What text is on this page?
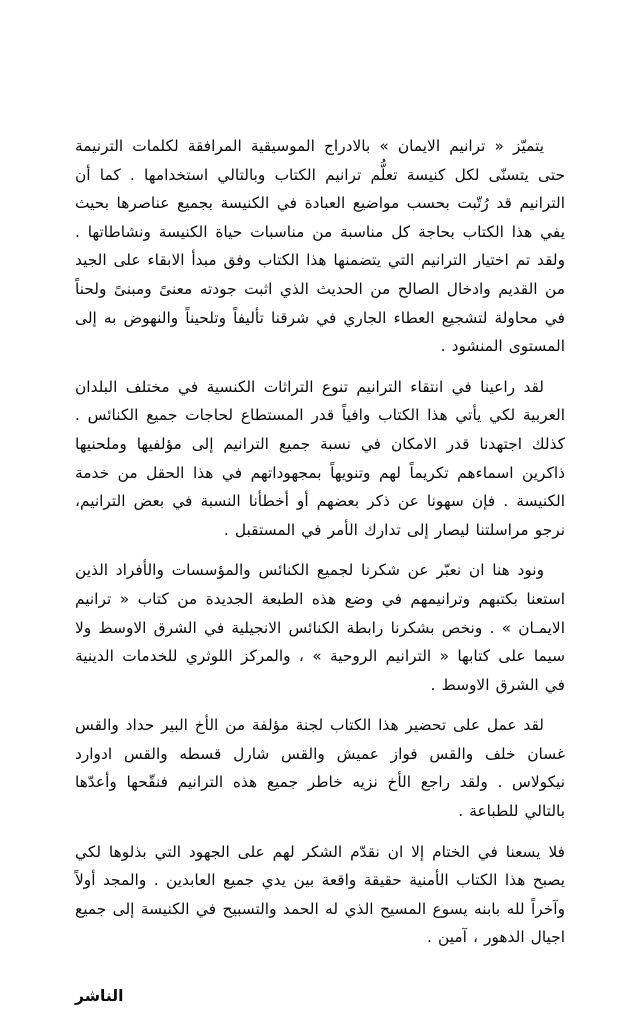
يتميّز « ترانيم الايمان » بالادراج الموسيقية المرافقة لكلمات الترنيمة حتى يتسنّى لكل كنيسة تعلُّم ترانيم الكتاب وبالتالي استخدامها . كما أن الترانيم قد رُتّبت بحسب مواضيع العبادة في الكنيسة بجميع عناصرها بحيث يفي هذا الكتاب بحاجة كل مناسبة من مناسبات حياة الكنيسة ونشاطاتها . ولقد تم اختيار الترانيم التي يتضمنها هذا الكتاب وفق مبدأ الابقاء على الجيد من القديم وادخال الصالح من الحديث الذي اثبت جودته معنىً ومبنىً ولحناً في محاولة لتشجيع العطاء الجاري في شرقنا تأليفاً وتلحيناً والنهوض به إلى المستوى المنشود .

لقد راعينا في انتقاء الترانيم تنوع التراثات الكنسية في مختلف البلدان العربية لكي يأتي هذا الكتاب وافياً قدر المستطاع لحاجات جميع الكنائس . كذلك اجتهدنا قدر الامكان في نسبة جميع الترانيم إلى مؤلفيها وملحنيها ذاكرين اسماءهم تكريماً لهم وتنويهاً بمجهوداتهم في هذا الحقل من خدمة الكنيسة . فإن سهونا عن ذكر بعضهم أو أخطأنا النسبة في بعض الترانيم، نرجو مراسلتنا ليصار إلى تدارك الأمر في المستقبل .

ونود هنا ان نعبّر عن شكرنا لجميع الكنائس والمؤسسات والأفراد الذين استعنا بكتبهم وترانيمهم في وضع هذه الطبعة الجديدة من كتاب « ترانيم الايمـان » . ونخص بشكرنا رابطة الكنائس الانجيلية في الشرق الاوسط ولا سيما على كتابها « الترانيم الروحية » ، والمركز اللوثري للخدمات الدينية في الشرق الاوسط .

لقد عمل على تحضير هذا الكتاب لجنة مؤلفة من الأخ البير حداد والقس غسان خلف والقس فواز عميش والقس شارل قسطه والقس ادوارد نيكولاس . ولقد راجع الأخ نزيه خاطر جميع هذه الترانيم فنقّحها وأعدّها بالتالي للطباعة .

فلا يسعنا في الختام إلا ان نقدّم الشكر لهم على الجهود التي بذلوها لكي يصبح هذا الكتاب الأمنية حقيقة واقعة بين يدي جميع العابدين . والمجد أولاً وآخراً لله بابنه يسوع المسيح الذي له الحمد والتسبيح في الكنيسة إلى جميع اجيال الدهور ، آمين .

الناشر
